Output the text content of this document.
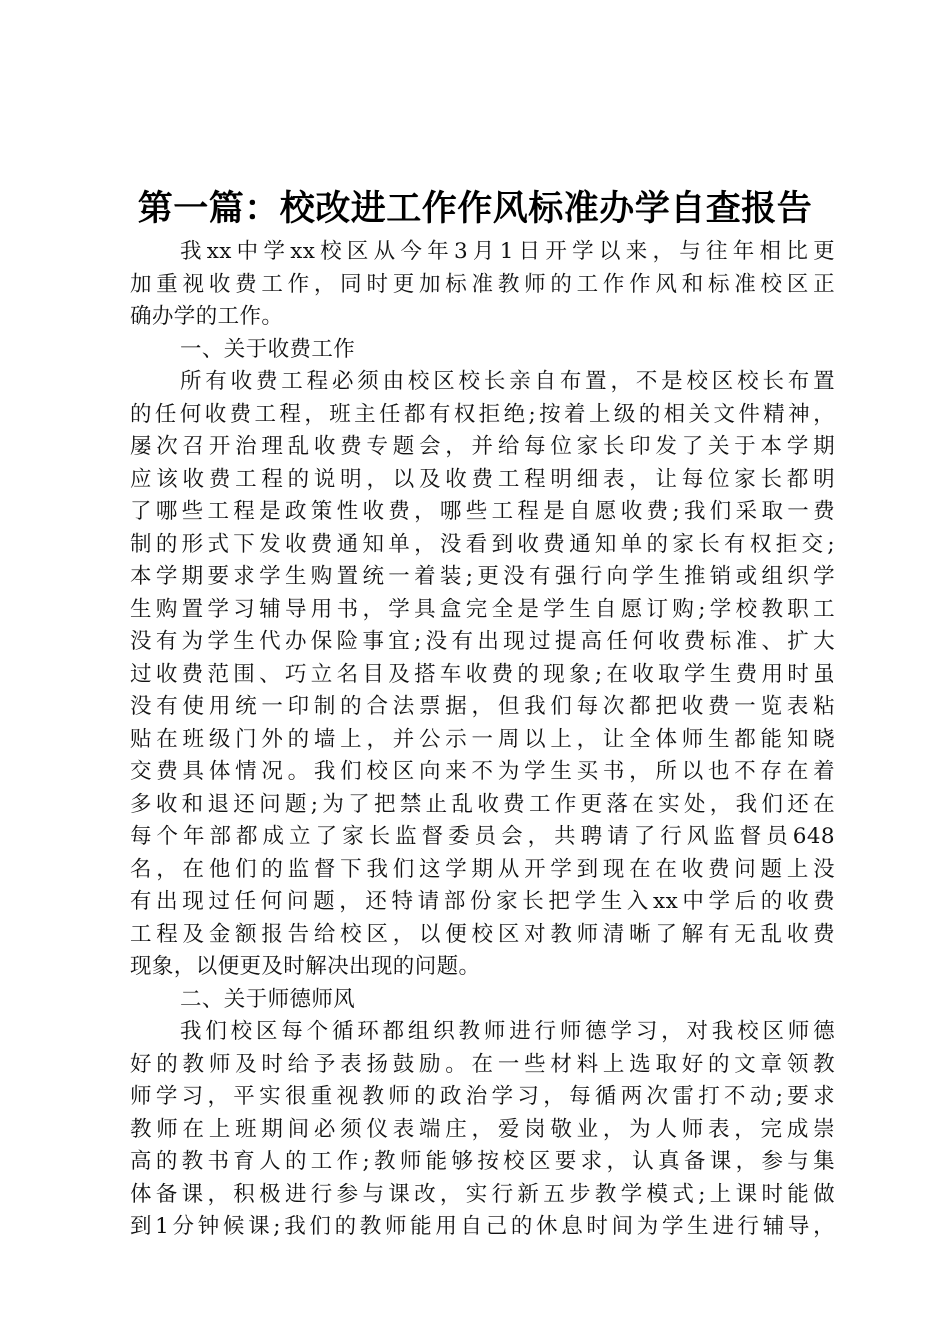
第一篇：校改进工作作风标准办学自查报告
我xx中学xx校区从今年3月1日开学以来，与往年相比更
加重视收费工作，同时更加标准教师的工作作风和标准校区正
确办学的工作。
一、关于收费工作
所有收费工程必须由校区校长亲自布置，不是校区校长布置
的任何收费工程，班主任都有权拒绝;按着上级的相关文件精神，
屡次召开治理乱收费专题会，并给每位家长印发了关于本学期
应该收费工程的说明，以及收费工程明细表，让每位家长都明
了哪些工程是政策性收费，哪些工程是自愿收费;我们采取一费
制的形式下发收费通知单，没看到收费通知单的家长有权拒交;
本学期要求学生购置统一着装;更没有强行向学生推销或组织学
生购置学习辅导用书，学具盒完全是学生自愿订购;学校教职工
没有为学生代办保险事宜;没有出现过提高任何收费标准、扩大
过收费范围、巧立名目及搭车收费的现象;在收取学生费用时虽
没有使用统一印制的合法票据，但我们每次都把收费一览表粘
贴在班级门外的墙上，并公示一周以上，让全体师生都能知晓
交费具体情况。我们校区向来不为学生买书，所以也不存在着
多收和退还问题;为了把禁止乱收费工作更落在实处，我们还在
每个年部都成立了家长监督委员会，共聘请了行风监督员648
名，在他们的监督下我们这学期从开学到现在在收费问题上没
有出现过任何问题，还特请部份家长把学生入xx中学后的收费
工程及金额报告给校区，以便校区对教师清晰了解有无乱收费
现象，以便更及时解决出现的问题。
二、关于师德师风
我们校区每个循环都组织教师进行师德学习，对我校区师德
好的教师及时给予表扬鼓励。在一些材料上选取好的文章领教
师学习，平实很重视教师的政治学习，每循两次雷打不动;要求
教师在上班期间必须仪表端庄，爱岗敬业，为人师表，完成崇
高的教书育人的工作;教师能够按校区要求，认真备课，参与集
体备课，积极进行参与课改，实行新五步教学模式;上课时能做
到1分钟候课;我们的教师能用自己的休息时间为学生进行辅导，
